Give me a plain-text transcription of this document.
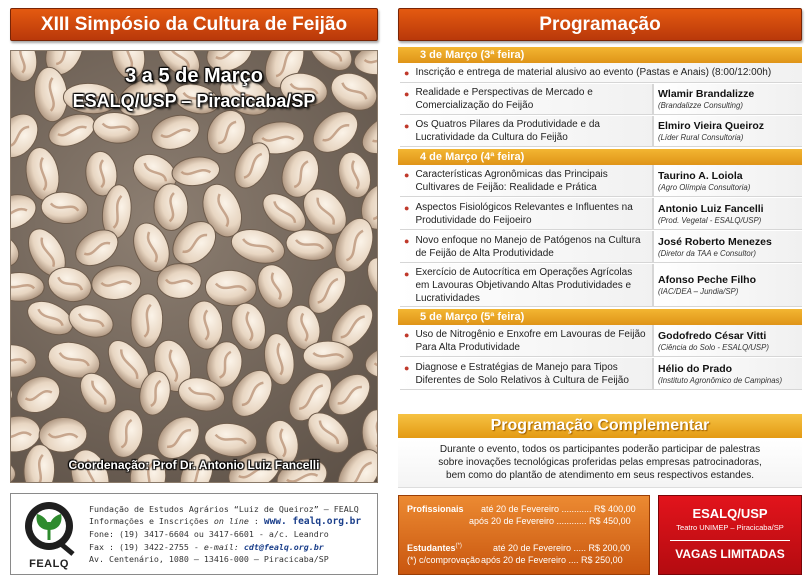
XIII Simpósio da Cultura de Feijão
3 a 5 de Março
ESALQ/USP – Piracicaba/SP
Coordenação: Prof Dr. Antonio Luiz Fancelli
FEALQ
Fundação de Estudos Agrários “Luiz de Queiroz” – FEALQ
Informações e Inscrições on line : www. fealq.org.br
Fone: (19) 3417-6604 ou 3417-6601 - a/c. Leandro
Fax : (19) 3422-2755 - e-mail: cdt@fealq.org.br
Av. Centenário, 1080 – 13416-000 – Piracicaba/SP
Programação
3 de Março (3ª feira)
● Inscrição e entrega de material alusivo ao evento (Pastas e Anais) (8:00/12:00h)
● Realidade e Perspectivas de Mercado e Comercialização do Feijão
Wlamir Brandalizze
(Brandalizze Consulting)
● Os Quatros Pilares da Produtividade e da Lucratividade da Cultura do Feijão
Elmiro Vieira Queiroz
(Líder Rural Consultoria)
4 de Março (4ª feira)
● Características Agronômicas das Principais Cultivares de Feijão: Realidade e Prática
Taurino A. Loiola
(Agro Olímpia Consultoria)
● Aspectos Fisiológicos Relevantes e Influentes na Produtividade do Feijoeiro
Antonio Luiz Fancelli
(Prod. Vegetal - ESALQ/USP)
● Novo enfoque no Manejo de Patógenos na Cultura de Feijão de Alta Produtividade
José Roberto Menezes
(Diretor da TAA e Consultor)
● Exercício de Autocrítica em Operações Agrícolas em Lavouras Objetivando Altas Produtividades e Lucratividades
Afonso Peche Filho
(IAC/DEA – Jundia/SP)
5 de Março (5ª feira)
● Uso de Nitrogênio e Enxofre em Lavouras de Feijão Para Alta Produtividade
Godofredo César Vitti
(Ciência do Solo - ESALQ/USP)
● Diagnose e Estratégias de Manejo para Tipos Diferentes de Solo Relativos à Cultura de Feijão
Hélio do Prado
(Instituto Agronômico de Campinas)
Programação Complementar
Durante o evento, todos os participantes poderão participar de palestras
sobre inovações tecnológicas proferidas pelas empresas patrocinadoras,
bem como do plantão de atendimento em seus respectivos estandes.
Profissionais até 20 de Fevereiro ............ R$ 400,00
após 20 de Fevereiro ............ R$ 450,00
Estudantes(*)	até 20 de Fevereiro ..... R$ 200,00
(*) c/comprovaçãoapós 20 de Fevereiro .... R$ 250,00
ESALQ/USP
Teatro UNIMEP – Piracicaba/SP
VAGAS LIMITADAS
